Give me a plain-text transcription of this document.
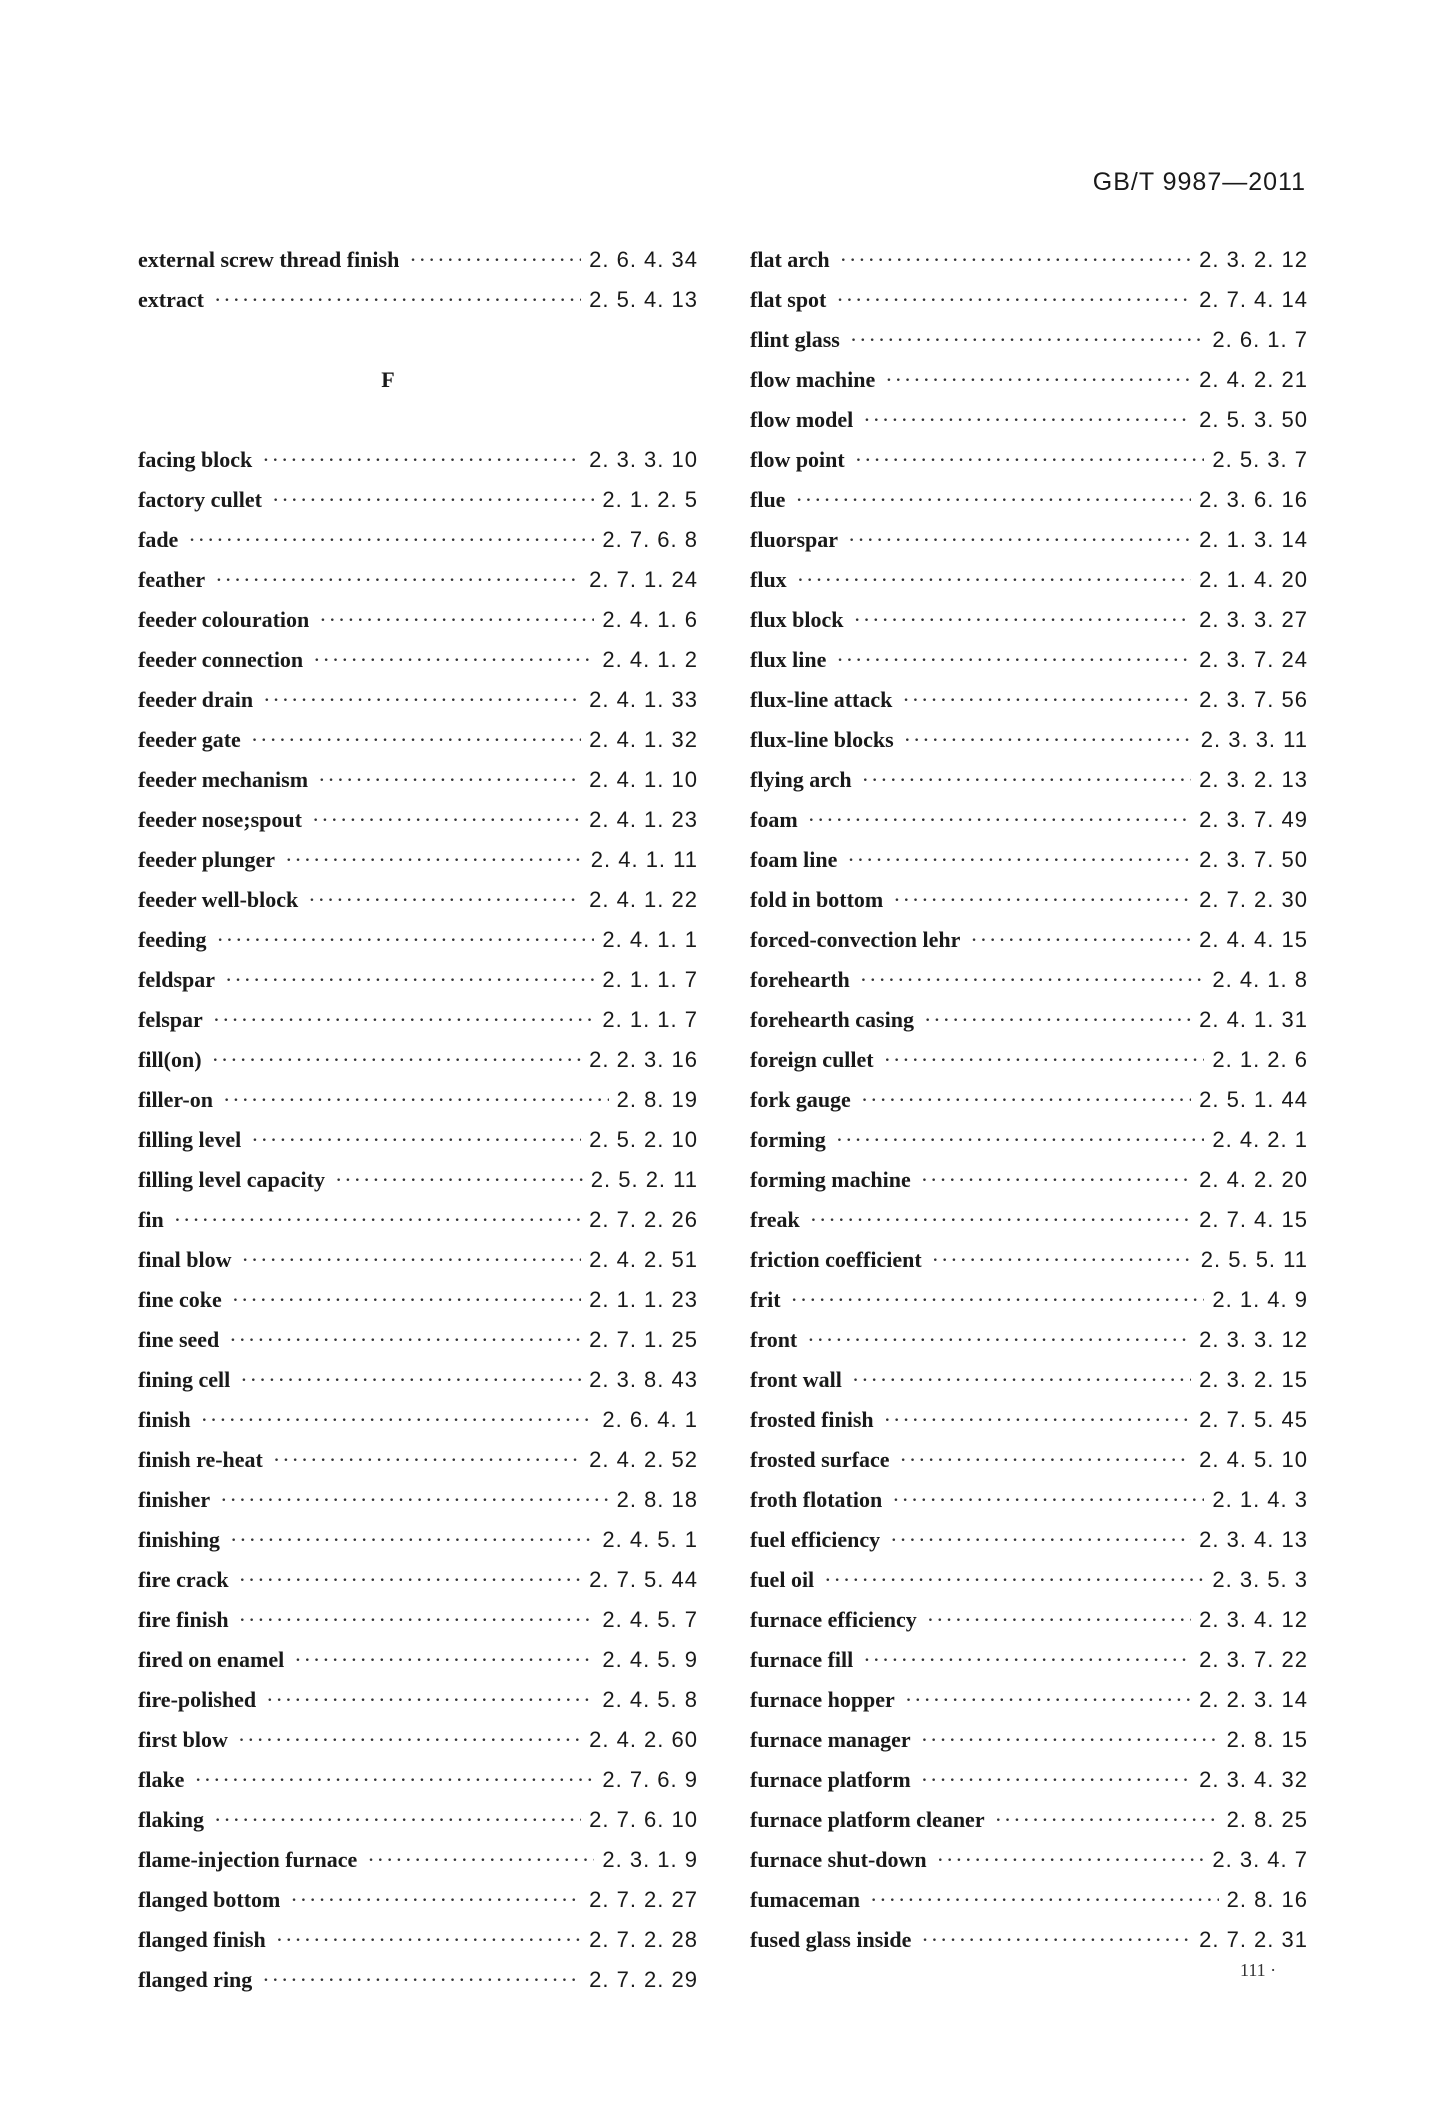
GB/T 9987—2011
external screw thread finish ·····	2. 6. 4. 34
extract ·····	2. 5. 4. 13
F
facing block ·····	2. 3. 3. 10
factory cullet ·····	2. 1. 2. 5
fade ·····	2. 7. 6. 8
feather ·····	2. 7. 1. 24
feeder colouration ·····	2. 4. 1. 6
feeder connection ·····	2. 4. 1. 2
feeder drain ·····	2. 4. 1. 33
feeder gate ·····	2. 4. 1. 32
feeder mechanism ·····	2. 4. 1. 10
feeder nose;spout ·····	2. 4. 1. 23
feeder plunger ·····	2. 4. 1. 11
feeder well-block ·····	2. 4. 1. 22
feeding ·····	2. 4. 1. 1
feldspar ·····	2. 1. 1. 7
felspar ·····	2. 1. 1. 7
fill(on) ·····	2. 2. 3. 16
filler-on ·····	2. 8. 19
filling level ·····	2. 5. 2. 10
filling level capacity ·····	2. 5. 2. 11
fin ·····	2. 7. 2. 26
final blow ·····	2. 4. 2. 51
fine coke ·····	2. 1. 1. 23
fine seed ·····	2. 7. 1. 25
fining cell ·····	2. 3. 8. 43
finish ·····	2. 6. 4. 1
finish re-heat ·····	2. 4. 2. 52
finisher ·····	2. 8. 18
finishing ·····	2. 4. 5. 1
fire crack ·····	2. 7. 5. 44
fire finish ·····	2. 4. 5. 7
fired on enamel ·····	2. 4. 5. 9
fire-polished ·····	2. 4. 5. 8
first blow ·····	2. 4. 2. 60
flake ·····	2. 7. 6. 9
flaking ·····	2. 7. 6. 10
flame-injection furnace ·····	2. 3. 1. 9
flanged bottom ·····	2. 7. 2. 27
flanged finish ·····	2. 7. 2. 28
flanged ring ·····	2. 7. 2. 29
flat arch ·····	2. 3. 2. 12
flat spot ·····	2. 7. 4. 14
flint glass ·····	2. 6. 1. 7
flow machine ·····	2. 4. 2. 21
flow model ·····	2. 5. 3. 50
flow point ·····	2. 5. 3. 7
flue ·····	2. 3. 6. 16
fluorspar ·····	2. 1. 3. 14
flux ·····	2. 1. 4. 20
flux block ·····	2. 3. 3. 27
flux line ·····	2. 3. 7. 24
flux-line attack ·····	2. 3. 7. 56
flux-line blocks ·····	2. 3. 3. 11
flying arch ·····	2. 3. 2. 13
foam ·····	2. 3. 7. 49
foam line ·····	2. 3. 7. 50
fold in bottom ·····	2. 7. 2. 30
forced-convection lehr ·····	2. 4. 4. 15
forehearth ·····	2. 4. 1. 8
forehearth casing ·····	2. 4. 1. 31
foreign cullet ·····	2. 1. 2. 6
fork gauge ·····	2. 5. 1. 44
forming ·····	2. 4. 2. 1
forming machine ·····	2. 4. 2. 20
freak ·····	2. 7. 4. 15
friction coefficient ·····	2. 5. 5. 11
frit ·····	2. 1. 4. 9
front ·····	2. 3. 3. 12
front wall ·····	2. 3. 2. 15
frosted finish ·····	2. 7. 5. 45
frosted surface ·····	2. 4. 5. 10
froth flotation ·····	2. 1. 4. 3
fuel efficiency ·····	2. 3. 4. 13
fuel oil ·····	2. 3. 5. 3
furnace efficiency ·····	2. 3. 4. 12
furnace fill ·····	2. 3. 7. 22
furnace hopper ·····	2. 2. 3. 14
furnace manager ·····	2. 8. 15
furnace platform ·····	2. 3. 4. 32
furnace platform cleaner ·····	2. 8. 25
furnace shut-down ·····	2. 3. 4. 7
fumaceman ·····	2. 8. 16
fused glass inside ·····	2. 7. 2. 31
111 ·
